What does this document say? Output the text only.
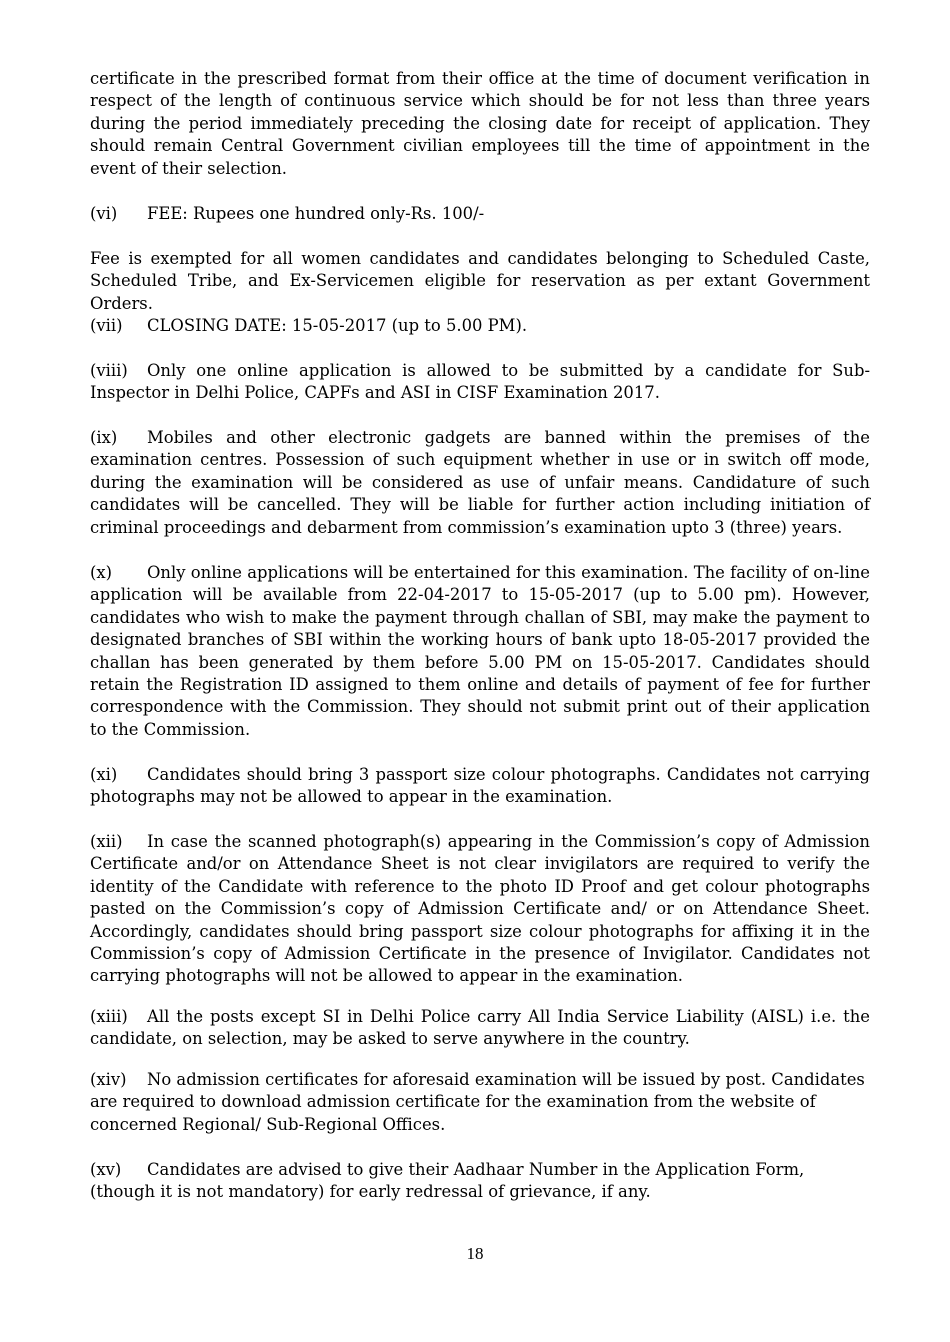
certificate in the prescribed format from their office at the time of document verification in respect of the length of continuous service which should be for not less than three years during the period immediately preceding the closing date for receipt of application. They should remain Central Government civilian employees till the time of appointment in the event of their selection.

(vi) FEE: Rupees one hundred only-Rs. 100/-

Fee is exempted for all women candidates and candidates belonging to Scheduled Caste, Scheduled Tribe, and Ex-Servicemen eligible for reservation as per extant Government Orders.

(vii) CLOSING DATE: 15-05-2017 (up to 5.00 PM).

(viii) Only one online application is allowed to be submitted by a candidate for Sub-Inspector in Delhi Police, CAPFs and ASI in CISF Examination 2017.

(ix) Mobiles and other electronic gadgets are banned within the premises of the examination centres. Possession of such equipment whether in use or in switch off mode, during the examination will be considered as use of unfair means. Candidature of such candidates will be cancelled. They will be liable for further action including initiation of criminal proceedings and debarment from commission’s examination upto 3 (three) years.

(x) Only online applications will be entertained for this examination. The facility of on-line application will be available from 22-04-2017 to 15-05-2017 (up to 5.00 pm). However, candidates who wish to make the payment through challan of SBI, may make the payment to designated branches of SBI within the working hours of bank upto 18-05-2017 provided the challan has been generated by them before 5.00 PM on 15-05-2017. Candidates should retain the Registration ID assigned to them online and details of payment of fee for further correspondence with the Commission. They should not submit print out of their application to the Commission.

(xi) Candidates should bring 3 passport size colour photographs. Candidates not carrying photographs may not be allowed to appear in the examination.

(xii) In case the scanned photograph(s) appearing in the Commission’s copy of Admission Certificate and/or on Attendance Sheet is not clear invigilators are required to verify the identity of the Candidate with reference to the photo ID Proof and get colour photographs pasted on the Commission’s copy of Admission Certificate and/ or on Attendance Sheet. Accordingly, candidates should bring passport size colour photographs for affixing it in the Commission’s copy of Admission Certificate in the presence of Invigilator. Candidates not carrying photographs will not be allowed to appear in the examination.

(xiii) All the posts except SI in Delhi Police carry All India Service Liability (AISL) i.e. the candidate, on selection, may be asked to serve anywhere in the country.

(xiv) No admission certificates for aforesaid examination will be issued by post. Candidates are required to download admission certificate for the examination from the website of concerned Regional/ Sub-Regional Offices.

(xv) Candidates are advised to give their Aadhaar Number in the Application Form, (though it is not mandatory) for early redressal of grievance, if any.

18
